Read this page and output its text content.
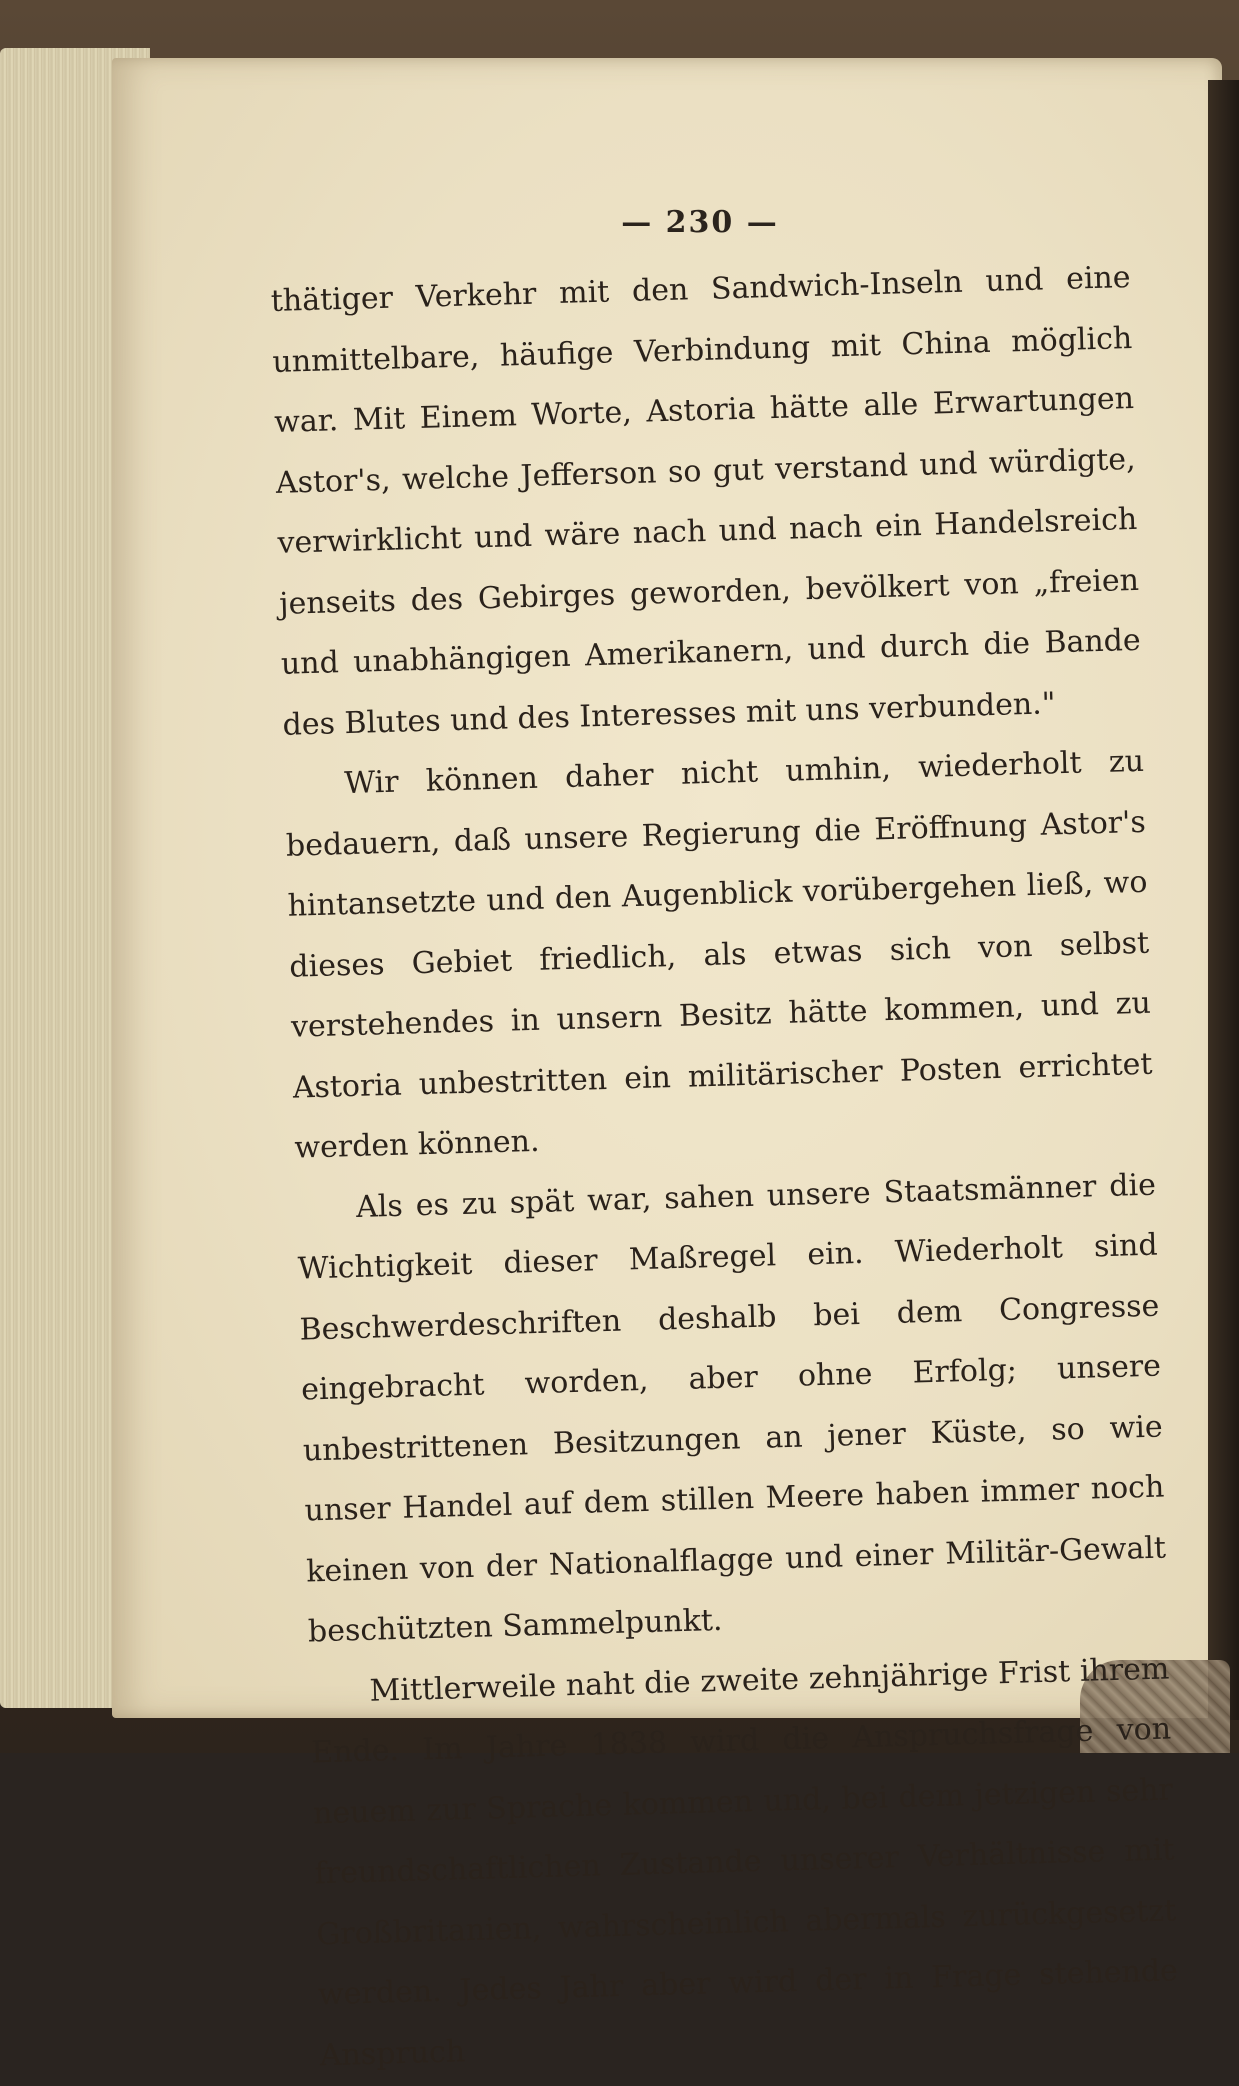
— 230 —

thätiger Verkehr mit den Sandwich-Inseln und eine unmittelbare, häufige Verbindung mit China möglich war. Mit Einem Worte, Astoria hätte alle Erwartungen Astor's, welche Jefferson so gut verstand und würdigte, verwirklicht und wäre nach und nach ein Handelsreich jenseits des Gebirges geworden, bevölkert von „freien und unabhängigen Amerikanern, und durch die Bande des Blutes und des Interesses mit uns verbunden."

Wir können daher nicht umhin, wiederholt zu bedauern, daß unsere Regierung die Eröffnung Astor's hintansetzte und den Augenblick vorübergehen ließ, wo dieses Gebiet friedlich, als etwas sich von selbst verstehendes in unsern Besitz hätte kommen, und zu Astoria unbestritten ein militärischer Posten errichtet werden können.

Als es zu spät war, sahen unsere Staatsmänner die Wichtigkeit dieser Maßregel ein. Wiederholt sind Beschwerdeschriften deshalb bei dem Congresse eingebracht worden, aber ohne Erfolg; unsere unbestrittenen Besitzungen an jener Küste, so wie unser Handel auf dem stillen Meere haben immer noch keinen von der Nationalflagge und einer Militär-Gewalt beschützten Sammelpunkt.

Mittlerweile naht die zweite zehnjährige Frist ihrem Ende. Im Jahre 1838 wird die Anspruchsfrage von neuem zur Sprache kommen und, bei dem jetzigen sehr freundschaftlichen Zustande unserer Verhältnisse mit Großbritanien, wahrscheinlich abermals zurückgesetzt werden. Jedes Jahr aber wird der in Frage stehende Anspruch
